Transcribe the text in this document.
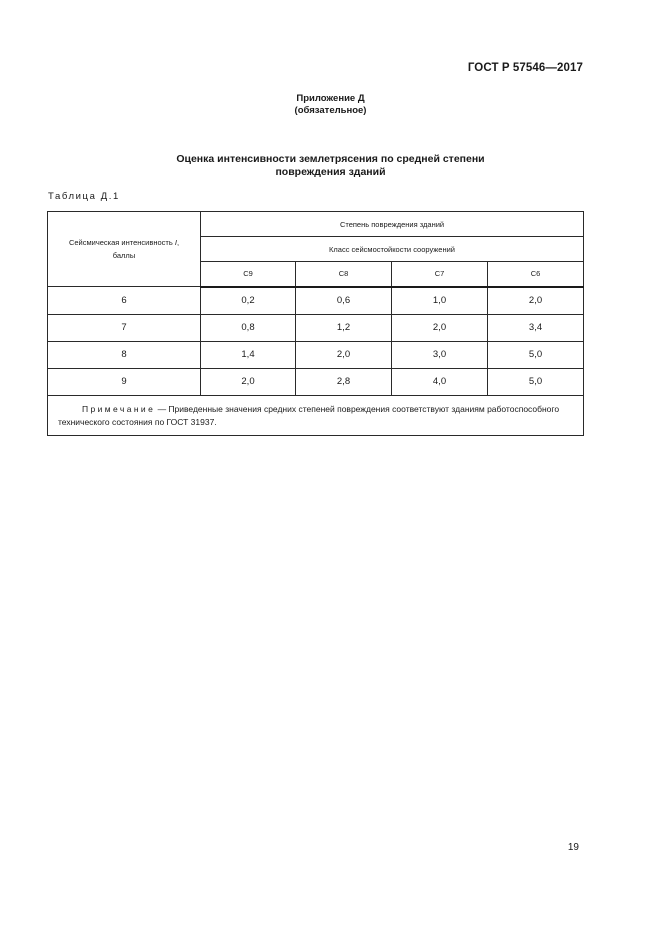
ГОСТ Р 57546—2017
Приложение Д
(обязательное)
Оценка интенсивности землетрясения по средней степени
повреждения зданий
Таблица Д.1
Сейсмическая интенсивность I,
баллы	Степень повреждения зданий			
	Класс сейсмостойкости сооружений			
	С9	С8	С7	С6
6	0,2	0,6	1,0	2,0
7	0,8	1,2	2,0	3,4
8	1,4	2,0	3,0	5,0
9	2,0	2,8	4,0	5,0
Примечание — Приведенные значения средних степеней повреждения соответствуют зданиям работоспособного технического состояния по ГОСТ 31937.				
19
